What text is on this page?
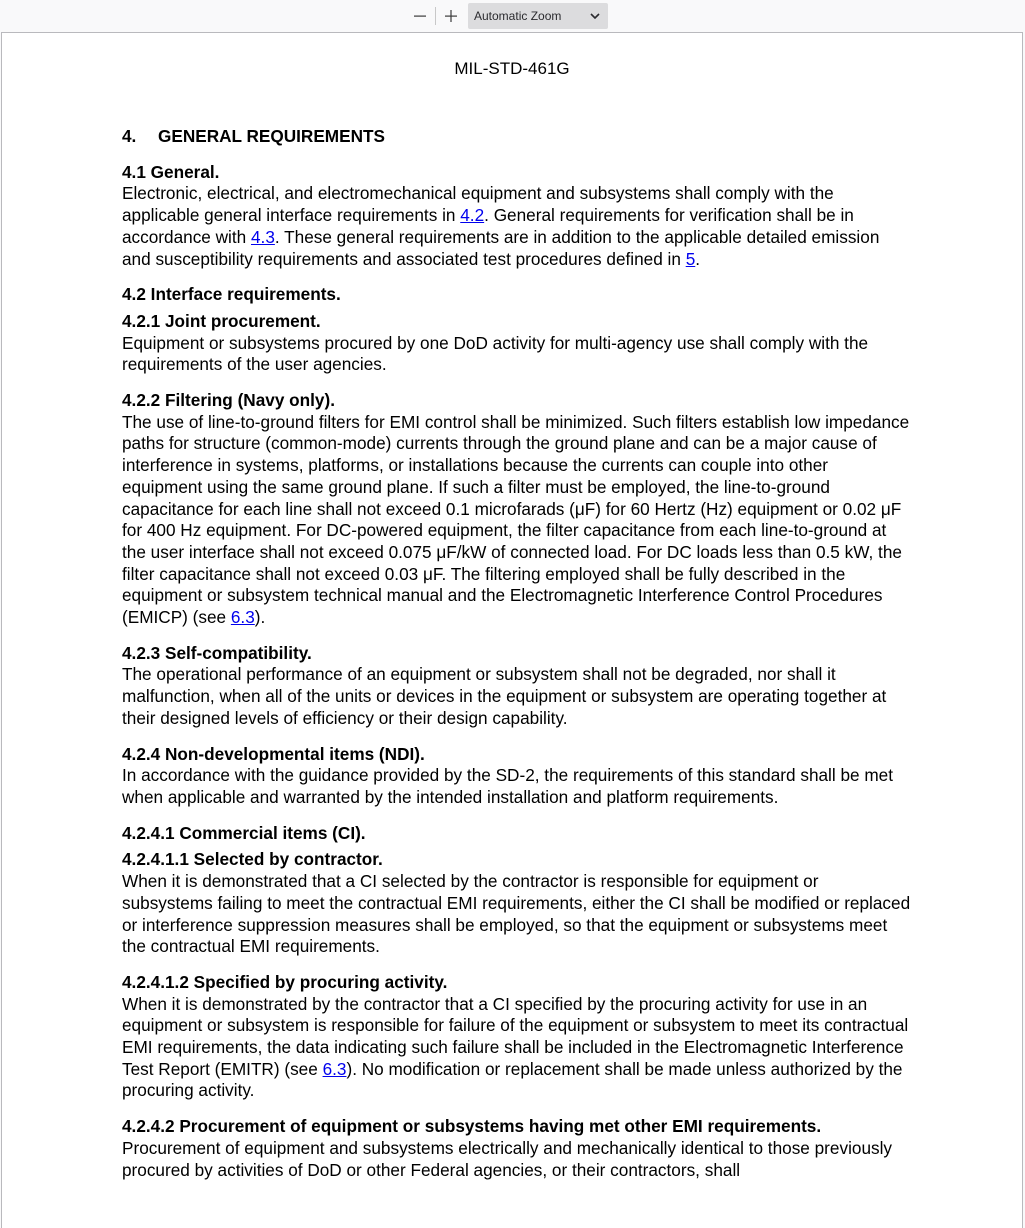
Automatic Zoom
MIL-STD-461G
4. GENERAL REQUIREMENTS
4.1 General.

Electronic, electrical, and electromechanical equipment and subsystems shall comply with the applicable general interface requirements in 4.2. General requirements for verification shall be in accordance with 4.3. These general requirements are in addition to the applicable detailed emission and susceptibility requirements and associated test procedures defined in 5.

4.2 Interface requirements.
4.2.1 Joint procurement.

Equipment or subsystems procured by one DoD activity for multi-agency use shall comply with the requirements of the user agencies.

4.2.2 Filtering (Navy only).

The use of line-to-ground filters for EMI control shall be minimized. Such filters establish low impedance paths for structure (common-mode) currents through the ground plane and can be a major cause of interference in systems, platforms, or installations because the currents can couple into other equipment using the same ground plane. If such a filter must be employed, the line-to-ground capacitance for each line shall not exceed 0.1 microfarads (μF) for 60 Hertz (Hz) equipment or 0.02 μF for 400 Hz equipment. For DC-powered equipment, the filter capacitance from each line-to-ground at the user interface shall not exceed 0.075 μF/kW of connected load. For DC loads less than 0.5 kW, the filter capacitance shall not exceed 0.03 μF. The filtering employed shall be fully described in the equipment or subsystem technical manual and the Electromagnetic Interference Control Procedures (EMICP) (see 6.3).

4.2.3 Self-compatibility.

The operational performance of an equipment or subsystem shall not be degraded, nor shall it malfunction, when all of the units or devices in the equipment or subsystem are operating together at their designed levels of efficiency or their design capability.

4.2.4 Non-developmental items (NDI).

In accordance with the guidance provided by the SD-2, the requirements of this standard shall be met when applicable and warranted by the intended installation and platform requirements.

4.2.4.1 Commercial items (CI).
4.2.4.1.1 Selected by contractor.

When it is demonstrated that a CI selected by the contractor is responsible for equipment or subsystems failing to meet the contractual EMI requirements, either the CI shall be modified or replaced or interference suppression measures shall be employed, so that the equipment or subsystems meet the contractual EMI requirements.

4.2.4.1.2 Specified by procuring activity.

When it is demonstrated by the contractor that a CI specified by the procuring activity for use in an equipment or subsystem is responsible for failure of the equipment or subsystem to meet its contractual EMI requirements, the data indicating such failure shall be included in the Electromagnetic Interference Test Report (EMITR) (see 6.3). No modification or replacement shall be made unless authorized by the procuring activity.

4.2.4.2 Procurement of equipment or subsystems having met other EMI requirements.

Procurement of equipment and subsystems electrically and mechanically identical to those previously procured by activities of DoD or other Federal agencies, or their contractors, shall
